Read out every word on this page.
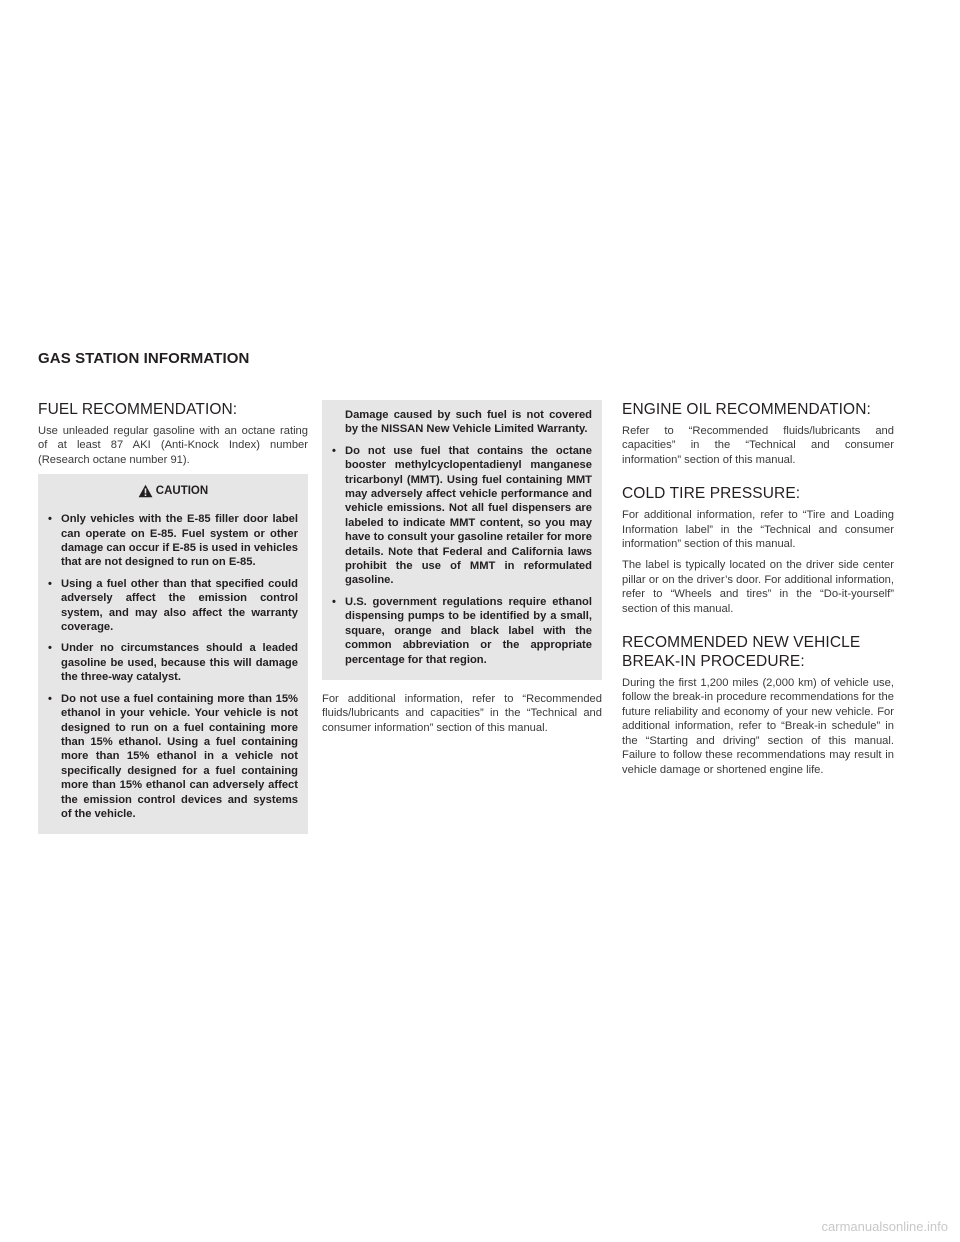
GAS STATION INFORMATION
FUEL RECOMMENDATION:

Use unleaded regular gasoline with an octane rating of at least 87 AKI (Anti-Knock Index) number (Research octane number 91).

CAUTION
• Only vehicles with the E-85 filler door label can operate on E-85. Fuel system or other damage can occur if E-85 is used in vehicles that are not designed to run on E-85.
• Using a fuel other than that specified could adversely affect the emission control system, and may also affect the warranty coverage.
• Under no circumstances should a leaded gasoline be used, because this will damage the three-way catalyst.
• Do not use a fuel containing more than 15% ethanol in your vehicle. Your vehicle is not designed to run on a fuel containing more than 15% ethanol. Using a fuel containing more than 15% ethanol in a vehicle not specifically designed for a fuel containing more than 15% ethanol can adversely affect the emission control devices and systems of the vehicle.

Damage caused by such fuel is not covered by the NISSAN New Vehicle Limited Warranty.

• Do not use fuel that contains the octane booster methylcyclopentadienyl manganese tricarbonyl (MMT). Using fuel containing MMT may adversely affect vehicle performance and vehicle emissions. Not all fuel dispensers are labeled to indicate MMT content, so you may have to consult your gasoline retailer for more details. Note that Federal and California laws prohibit the use of MMT in reformulated gasoline.
• U.S. government regulations require ethanol dispensing pumps to be identified by a small, square, orange and black label with the common abbreviation or the appropriate percentage for that region.

For additional information, refer to “Recommended fluids/lubricants and capacities” in the “Technical and consumer information” section of this manual.

ENGINE OIL RECOMMENDATION:

Refer to “Recommended fluids/lubricants and capacities” in the “Technical and consumer information” section of this manual.

COLD TIRE PRESSURE:

For additional information, refer to “Tire and Loading Information label” in the “Technical and consumer information” section of this manual.

The label is typically located on the driver side center pillar or on the driver’s door. For additional information, refer to “Wheels and tires” in the “Do-it-yourself” section of this manual.

RECOMMENDED NEW VEHICLE
BREAK-IN PROCEDURE:

During the first 1,200 miles (2,000 km) of vehicle use, follow the break-in procedure recommendations for the future reliability and economy of your new vehicle. For additional information, refer to “Break-in schedule” in the “Starting and driving” section of this manual. Failure to follow these recommendations may result in vehicle damage or shortened engine life.

carmanualsonline.info
